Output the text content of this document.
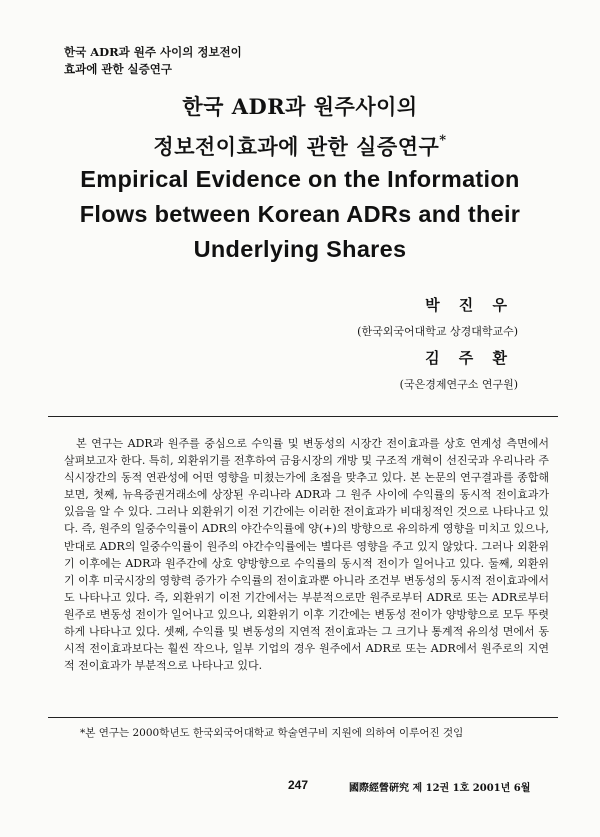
한국 ADR과 원주 사이의 정보전이
효과에 관한 실증연구
한국 ADR과 원주사이의
정보전이효과에 관한 실증연구*
Empirical Evidence on the Information
Flows between Korean ADRs and their
Underlying Shares
박 진 우
(한국외국어대학교 상경대학교수)
김 주 환
(국은경제연구소 연구원)
본 연구는 ADR과 원주를 중심으로 수익률 및 변동성의 시장간 전이효과를 상호 연계성 측면에서 살펴보고자 한다. 특히, 외환위기를 전후하여 금융시장의 개방 및 구조적 개혁이 선진국과 우리나라 주식시장간의 동적 연관성에 어떤 영향을 미쳤는가에 초점을 맞추고 있다. 본 논문의 연구결과를 종합해 보면, 첫째, 뉴욕증권거래소에 상장된 우리나라 ADR과 그 원주 사이에 수익률의 동시적 전이효과가 있음을 알 수 있다. 그러나 외환위기 이전 기간에는 이러한 전이효과가 비대칭적인 것으로 나타나고 있다. 즉, 원주의 일중수익률이 ADR의 야간수익률에 양(+)의 방향으로 유의하게 영향을 미치고 있으나, 반대로 ADR의 일중수익률이 원주의 야간수익률에는 별다른 영향을 주고 있지 않았다. 그러나 외환위기 이후에는 ADR과 원주간에 상호 양방향으로 수익률의 동시적 전이가 일어나고 있다. 둘째, 외환위기 이후 미국시장의 영향력 증가가 수익률의 전이효과뿐 아니라 조건부 변동성의 동시적 전이효과에서도 나타나고 있다. 즉, 외환위기 이전 기간에서는 부분적으로만 원주로부터 ADR로 또는 ADR로부터 원주로 변동성 전이가 일어나고 있으나, 외환위기 이후 기간에는 변동성 전이가 양방향으로 모두 뚜렷하게 나타나고 있다. 셋째, 수익률 및 변동성의 지연적 전이효과는 그 크기나 통계적 유의성 면에서 동시적 전이효과보다는 훨씬 작으나, 일부 기업의 경우 원주에서 ADR로 또는 ADR에서 원주로의 지연적 전이효과가 부분적으로 나타나고 있다.
*본 연구는 2000학년도 한국외국어대학교 학술연구비 지원에 의하여 이루어진 것임
247	國際經營硏究 제 12권 1호 2001년 6월
